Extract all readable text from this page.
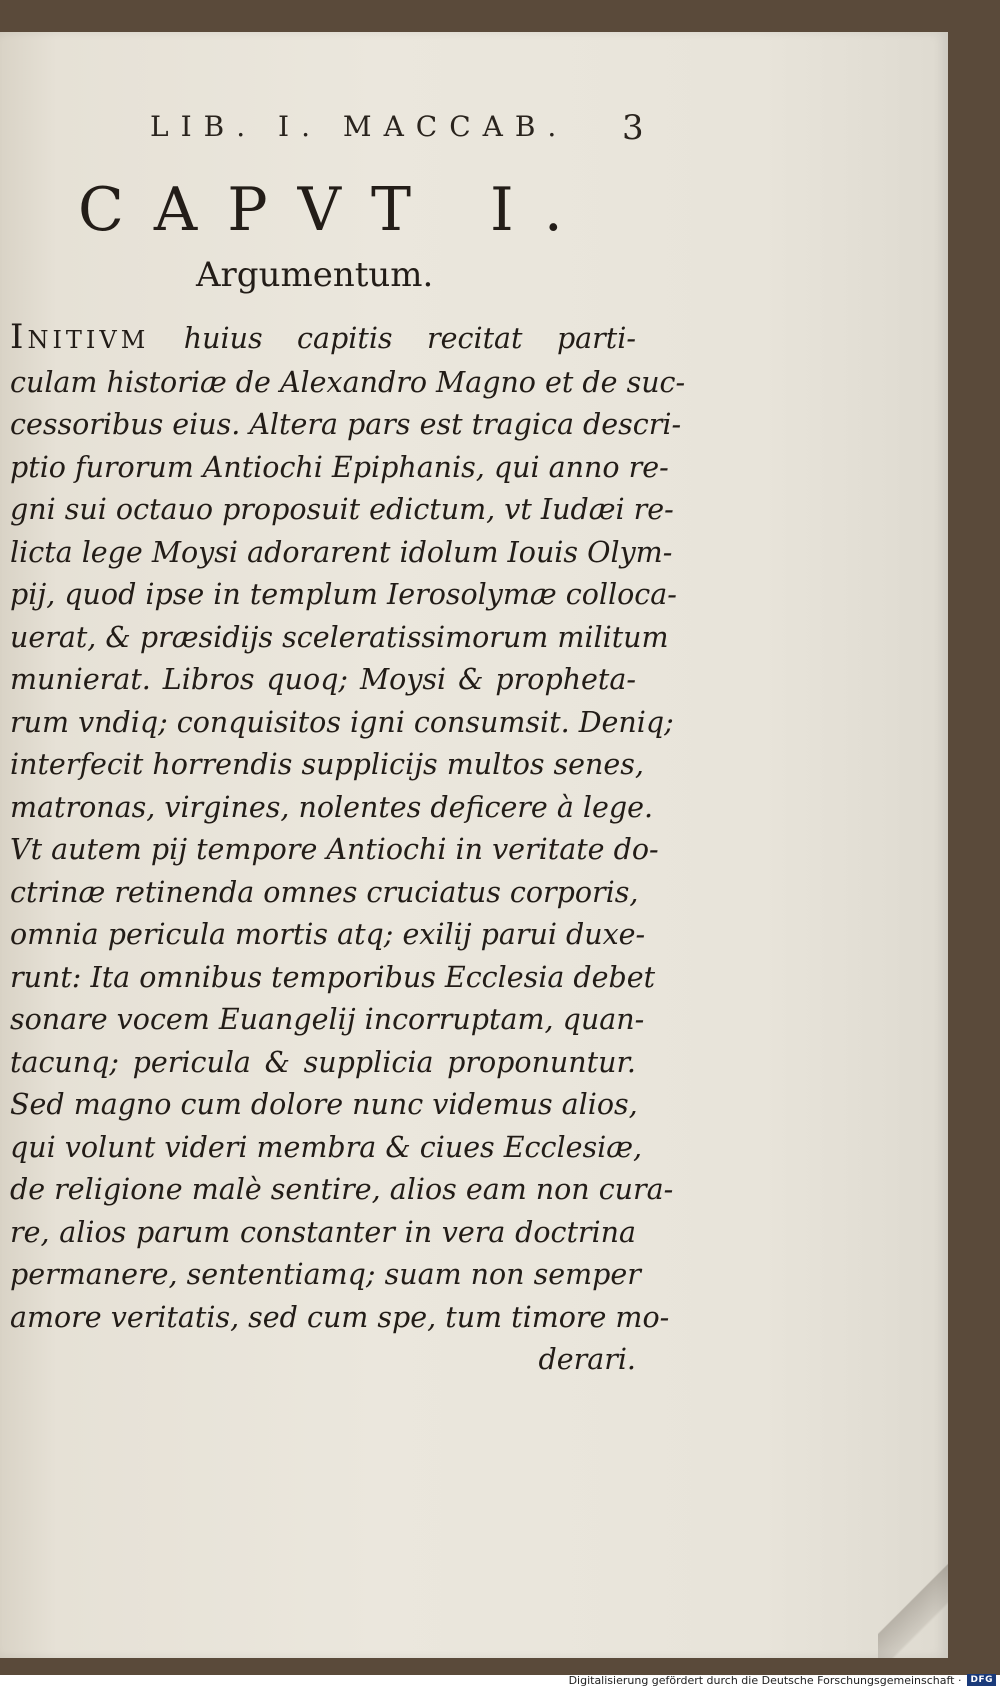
LIB. I. MACCAB. 3
CAPVT I.
Argumentum.
INITIVM huius capitis recitat parti-
culam historiæ de Alexandro Magno et de suc-
cessoribus eius. Altera pars est tragica descri-
ptio furorum Antiochi Epiphanis, qui anno re-
gni sui octauo proposuit edictum, vt Iudæi re-
licta lege Moysi adorarent idolum Iouis Olym-
pij, quod ipse in templum Ierosolymæ colloca-
uerat, & præsidijs sceleratissimorum militum
munierat. Libros quoq; Moysi & propheta-
rum vndiq; conquisitos igni consumsit. Deniq;
interfecit horrendis supplicijs multos senes,
matronas, virgines, nolentes deficere à lege.
Vt autem pij tempore Antiochi in veritate do-
ctrinæ retinenda omnes cruciatus corporis,
omnia pericula mortis atq; exilij parui duxe-
runt: Ita omnibus temporibus Ecclesia debet
sonare vocem Euangelij incorruptam, quan-
tacunq; pericula & supplicia proponuntur.
Sed magno cum dolore nunc videmus alios,
qui volunt videri membra & ciues Ecclesiæ,
de religione malè sentire, alios eam non cura-
re, alios parum constanter in vera doctrina
permanere, sententiamq; suam non semper
amore veritatis, sed cum spe, tum timore mo-
derari.
Digitalisierung gefördert durch die Deutsche Forschungsgemeinschaft ·	DFG
